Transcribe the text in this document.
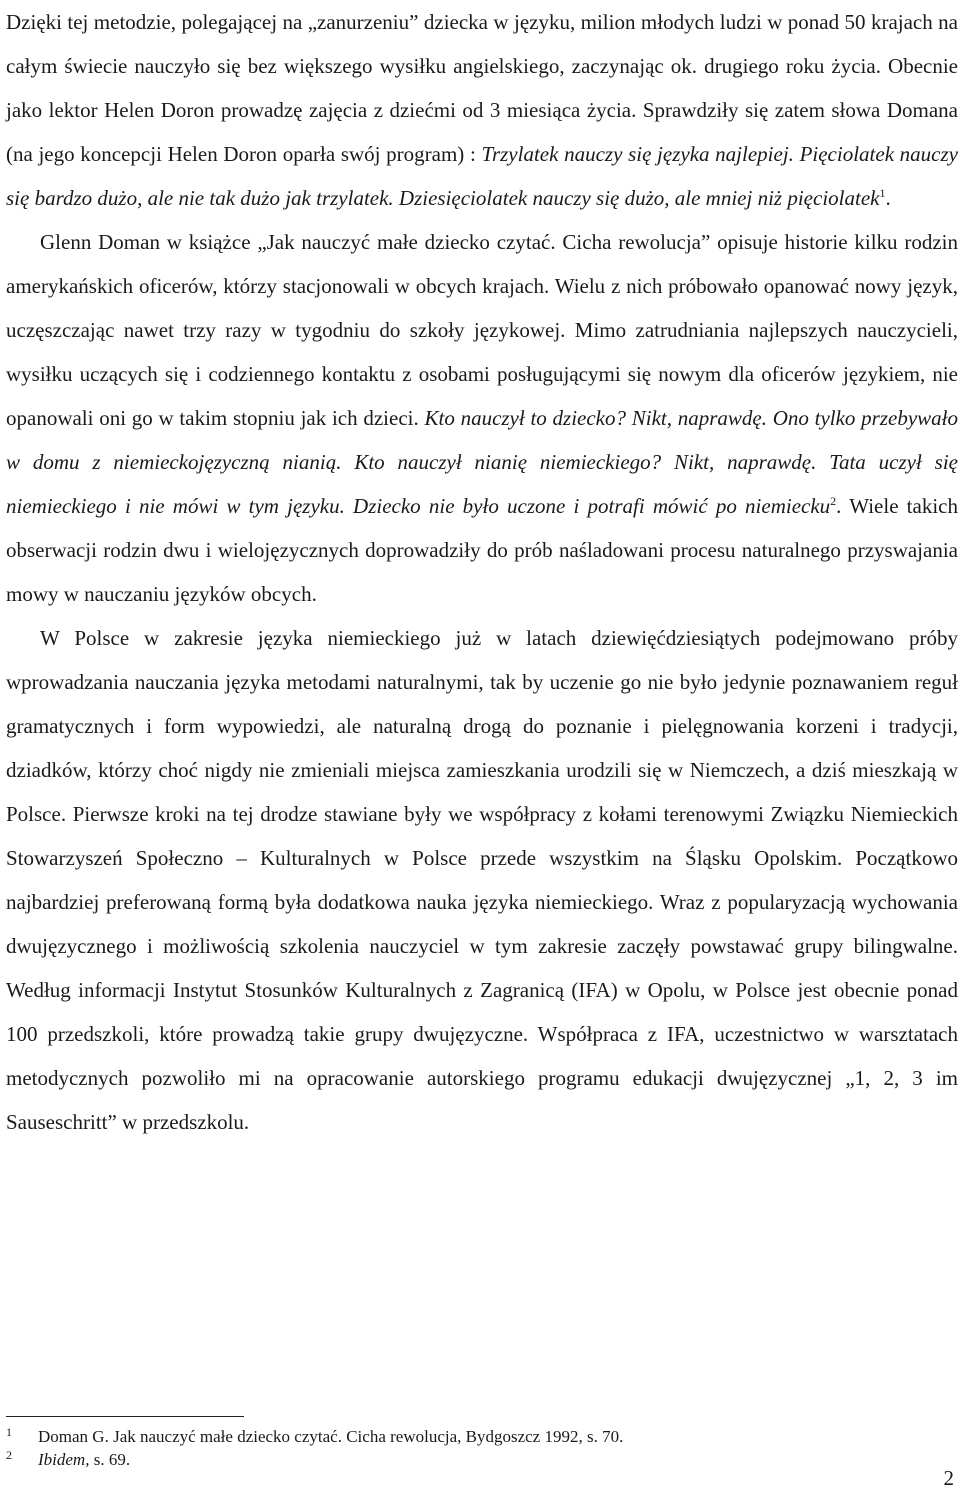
Dzięki tej metodzie, polegającej na „zanurzeniu” dziecka w języku, milion młodych ludzi w ponad 50 krajach na całym świecie nauczyło się bez większego wysiłku angielskiego, zaczynając ok. drugiego roku życia. Obecnie jako lektor Helen Doron prowadzę zajęcia z dziećmi od 3 miesiąca życia. Sprawdziły się zatem słowa Domana (na jego koncepcji Helen Doron oparła swój program) : Trzylatek nauczy się języka najlepiej. Pięciolatek nauczy się bardzo dużo, ale nie tak dużo jak trzylatek. Dziesięciolatek nauczy się dużo, ale mniej niż pięciolatek$^1$.

Glenn Doman w książce „Jak nauczyć małe dziecko czytać. Cicha rewolucja” opisuje historie kilku rodzin amerykańskich oficerów, którzy stacjonowali w obcych krajach. Wielu z nich próbowało opanować nowy język, uczęszczając nawet trzy razy w tygodniu do szkoły językowej. Mimo zatrudniania najlepszych nauczycieli, wysiłku uczących się i codziennego kontaktu z osobami posługującymi się nowym dla oficerów językiem, nie opanowali oni go w takim stopniu jak ich dzieci. Kto nauczył to dziecko? Nikt, naprawdę. Ono tylko przebywało w domu z niemieckojęzyczną nianią. Kto nauczył nianię niemieckiego? Nikt, naprawdę. Tata uczył się niemieckiego i nie mówi w tym języku. Dziecko nie było uczone i potrafi mówić po niemiecku$^2$. Wiele takich obserwacji rodzin dwu i wielojęzycznych doprowadziły do prób naśladowani procesu naturalnego przyswajania mowy w nauczaniu języków obcych.

W Polsce w zakresie języka niemieckiego już w latach dziewięćdziesiątych podejmowano próby wprowadzania nauczania języka metodami naturalnymi, tak by uczenie go nie było jedynie poznawaniem reguł gramatycznych i form wypowiedzi, ale naturalną drogą do poznanie i pielęgnowania korzeni i tradycji, dziadków, którzy choć nigdy nie zmieniali miejsca zamieszkania urodzili się w Niemczech, a dziś mieszkają w Polsce. Pierwsze kroki na tej drodze stawiane były we współpracy z kołami terenowymi Związku Niemieckich Stowarzyszeń Społeczno – Kulturalnych w Polsce przede wszystkim na Śląsku Opolskim. Początkowo najbardziej preferowaną formą była dodatkowa nauka języka niemieckiego. Wraz z popularyzacją wychowania dwujęzycznego i możliwością szkolenia nauczyciel w tym zakresie zaczęły powstawać grupy bilingwalne. Według informacji Instytut Stosunków Kulturalnych z Zagranicą (IFA) w Opolu, w Polsce jest obecnie ponad 100 przedszkoli, które prowadzą takie grupy dwujęzyczne. Współpraca z IFA, uczestnictwo w warsztatach metodycznych pozwoliło mi na opracowanie autorskiego programu edukacji dwujęzycznej „1, 2, 3 im Sauseschritt” w przedszkolu.

1	Doman G. Jak nauczyć małe dziecko czytać. Cicha rewolucja, Bydgoszcz 1992, s. 70.
2	Ibidem, s. 69.
2
